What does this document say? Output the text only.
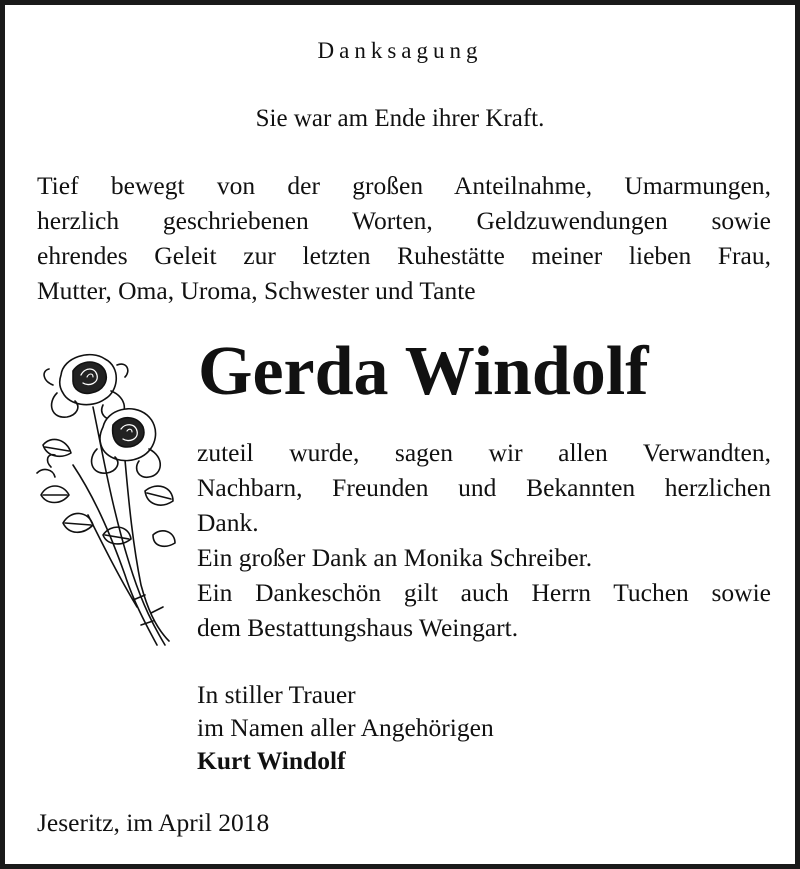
Danksagung
Sie war am Ende ihrer Kraft.
Tief bewegt von der großen Anteilnahme, Umarmungen,
herzlich geschriebenen Worten, Geldzuwendungen sowie
ehrendes Geleit zur letzten Ruhestätte meiner lieben Frau,
Mutter, Oma, Uroma, Schwester und Tante
Gerda Windolf
zuteil wurde, sagen wir allen Verwandten,
Nachbarn, Freunden und Bekannten herzlichen
Dank.
Ein großer Dank an Monika Schreiber.
Ein Dankeschön gilt auch Herrn Tuchen sowie
dem Bestattungshaus Weingart.
In stiller Trauer
im Namen aller Angehörigen
Kurt Windolf
Jeseritz, im April 2018
